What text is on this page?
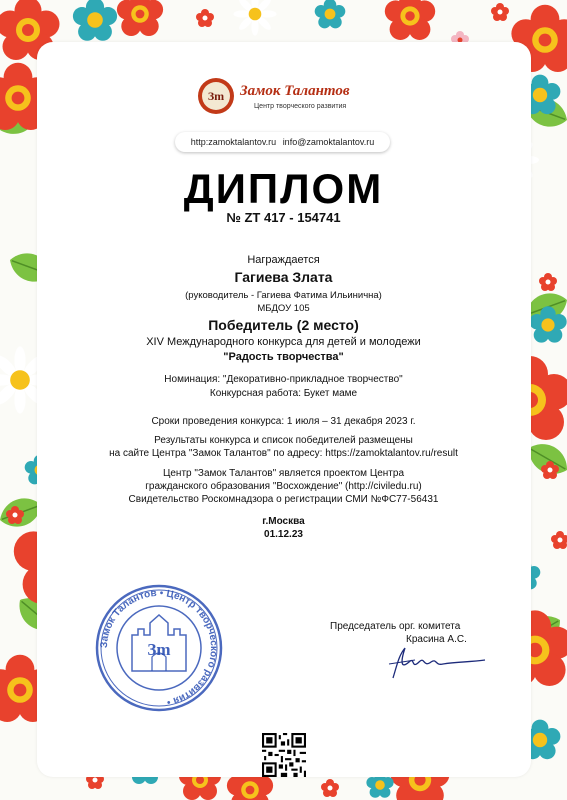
Зm	Замок Талантов
Центр творческого развития
http:zamoktalantov.ru info@zamoktalantov.ru
ДИПЛОМ
№ ZT 417 - 154741
Награждается
Гагиева Злата
(руководитель - Гагиева Фатима Ильинична)
МБДОУ 105
Победитель (2 место)
XIV Международного конкурса для детей и молодежи
"Радость творчества"
Номинация: "Декоративно-прикладное творчество"
Конкурсная работа: Букет маме
Сроки проведения конкурса: 1 июля – 31 декабря 2023 г.
Результаты конкурса и список победителей размещены
на сайте Центра "Замок Талантов" по адресу: https://zamoktalantov.ru/result
Центр "Замок Талантов" является проектом Центра
гражданского образования "Восхождение" (http://civiledu.ru)
Свидетельство Роскомнадзора о регистрации СМИ №ФС77-56431
г.Москва
01.12.23
Замок Талантов • Центр творческого развития •
Зm
Председатель орг. комитета
Красина А.С.
